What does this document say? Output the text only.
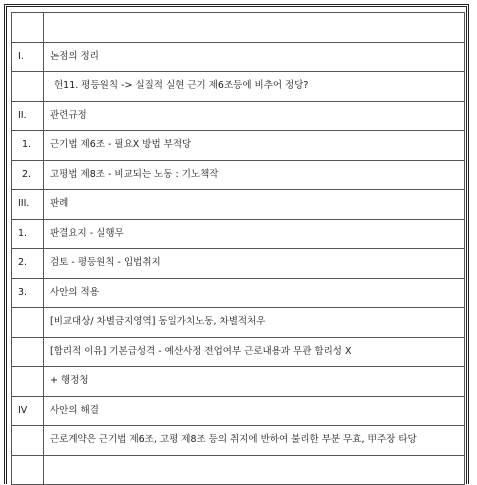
I.	논점의 정리
	헌11. 평등원칙 -> 실질적 실현 근기 제6조등에 비추어 정당?
II.	관련규정
1.	근기법 제6조 - 필요X 방법 부적당
2.	고평법 제8조 - 비교되는 노동 : 기노책작
III.	판례
1.	판결요지 - 실행무
2.	검토 - 평등원칙 - 입법취지
3.	사안의 적용
	[비교대상/ 차별금지영역] 동일가치노동, 차별적처우
	[합리적 이유] 기본급성격 - 예산사정 전업여부 근로내용과 무관 합리성 X
	+ 행정청
IV	사안의 해결
	근로계약은 근기법 제6조, 고평 제8조 등의 취지에 반하여 불리한 부분 무효, 甲주장 타당
